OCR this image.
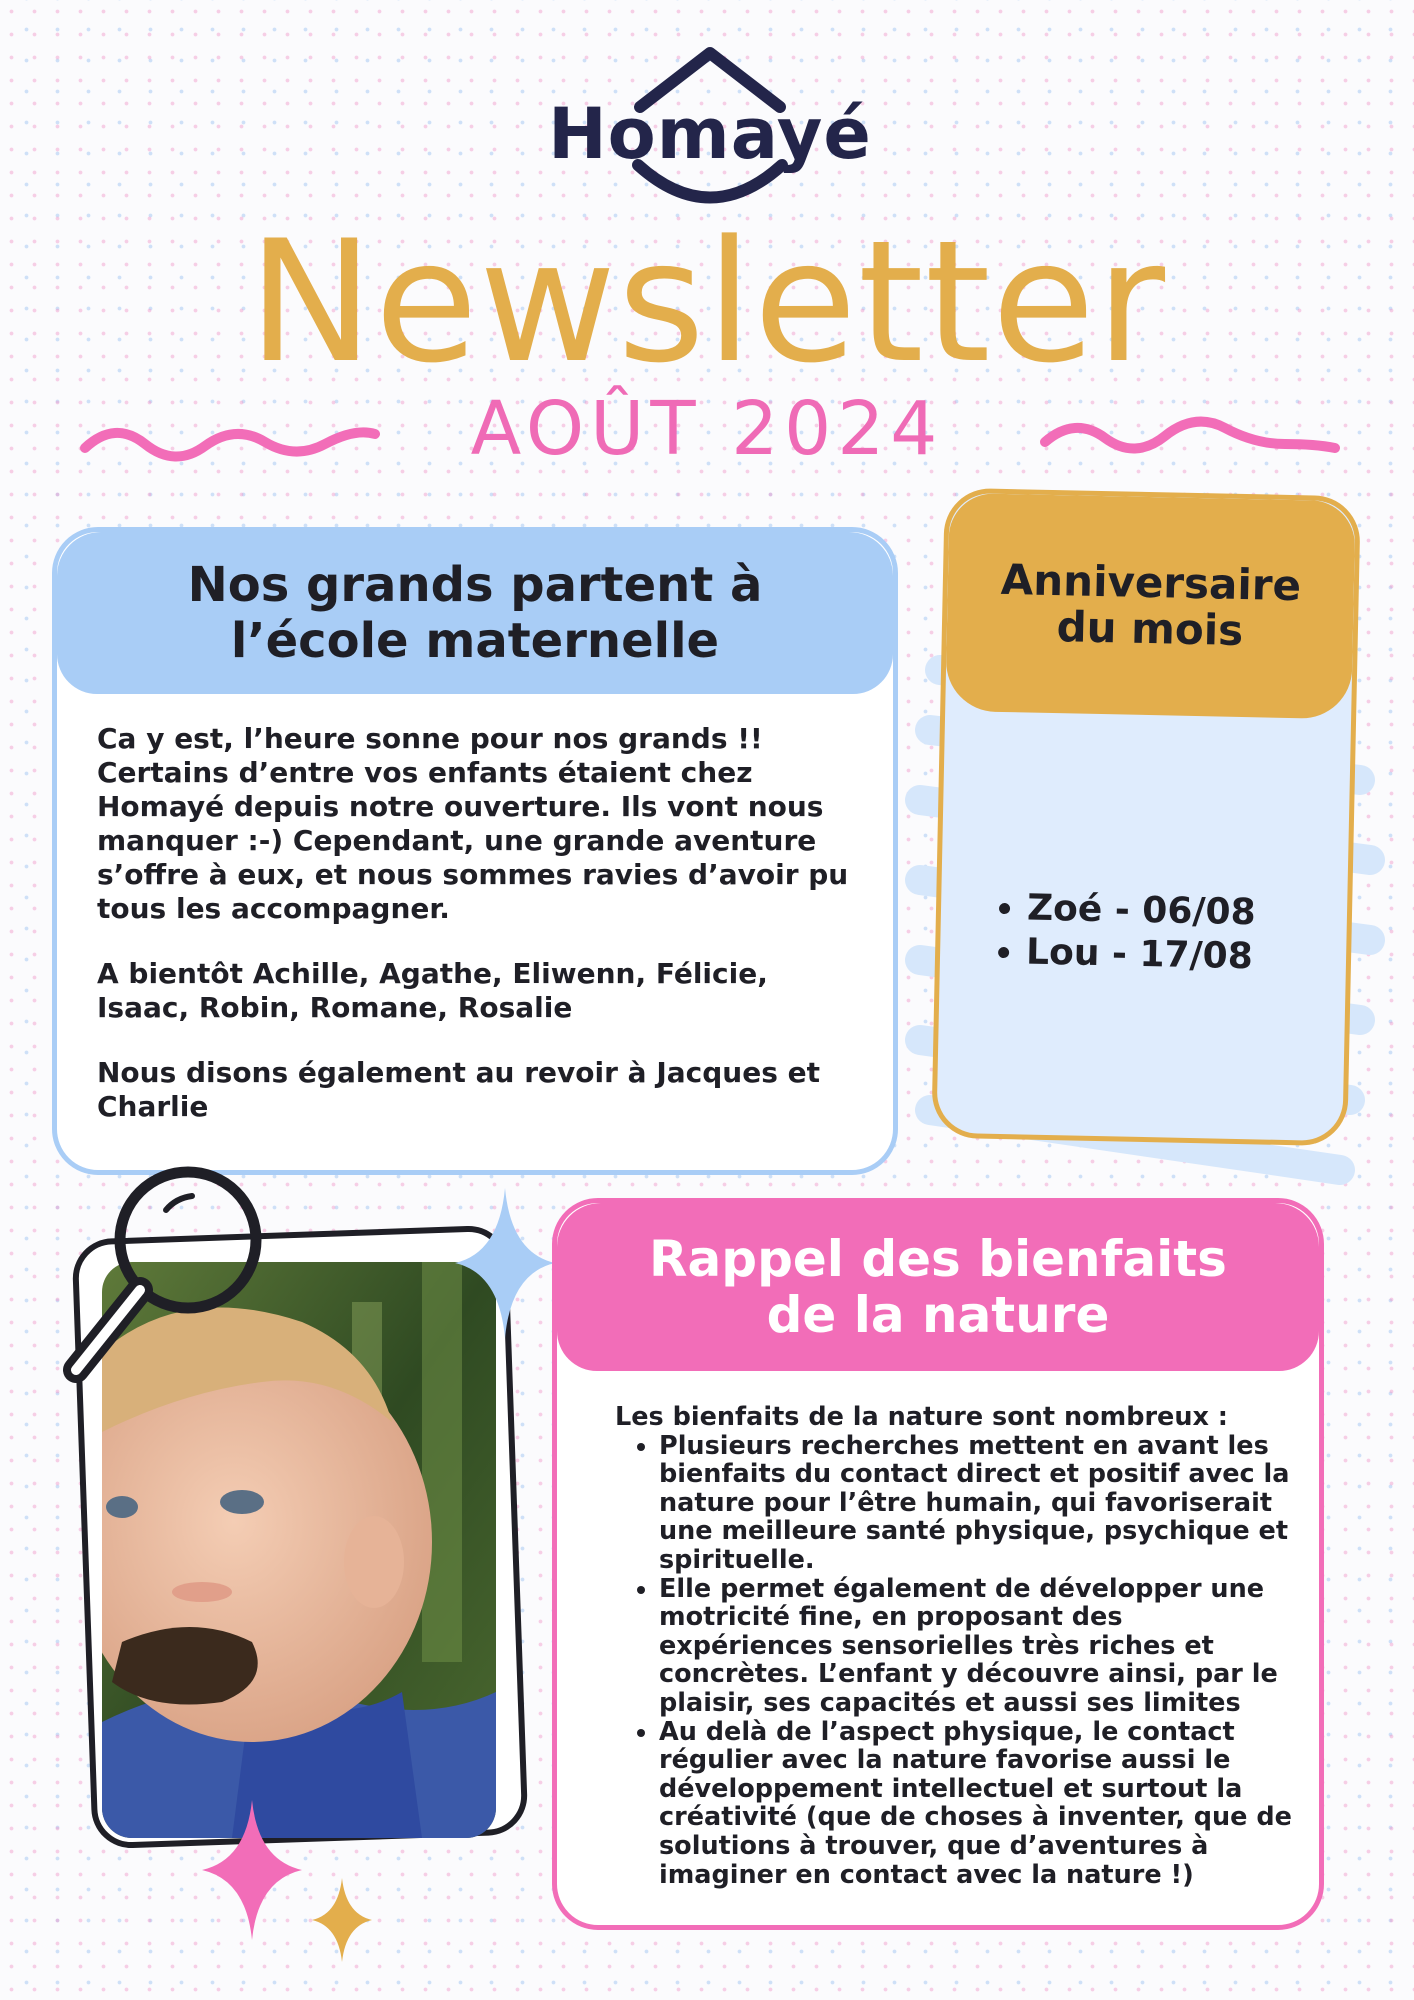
Homayé
Newsletter
AOÛT 2024
Nos grands partent à
l’école maternelle

Ca y est, l’heure sonne pour nos grands !! Certains d’entre vos enfants étaient chez Homayé depuis notre ouverture. Ils vont nous manquer :-) Cependant, une grande aventure s’offre à eux, et nous sommes ravies d’avoir pu tous les accompagner.

A bientôt Achille, Agathe, Eliwenn, Félicie, Isaac, Robin, Romane, Rosalie

Nous disons également au revoir à Jacques et Charlie

Anniversaire
du mois
• Zoé - 06/08
• Lou - 17/08
Rappel des bienfaits
de la nature

Les bienfaits de la nature sont nombreux :

• Plusieurs recherches mettent en avant les bienfaits du contact direct et positif avec la nature pour l’être humain, qui favoriserait une meilleure santé physique, psychique et spirituelle.
• Elle permet également de développer une motricité fine, en proposant des expériences sensorielles très riches et concrètes. L’enfant y découvre ainsi, par le plaisir, ses capacités et aussi ses limites
• Au delà de l’aspect physique, le contact régulier avec la nature favorise aussi le développement intellectuel et surtout la créativité (que de choses à inventer, que de solutions à trouver, que d’aventures à imaginer en contact avec la nature !)
